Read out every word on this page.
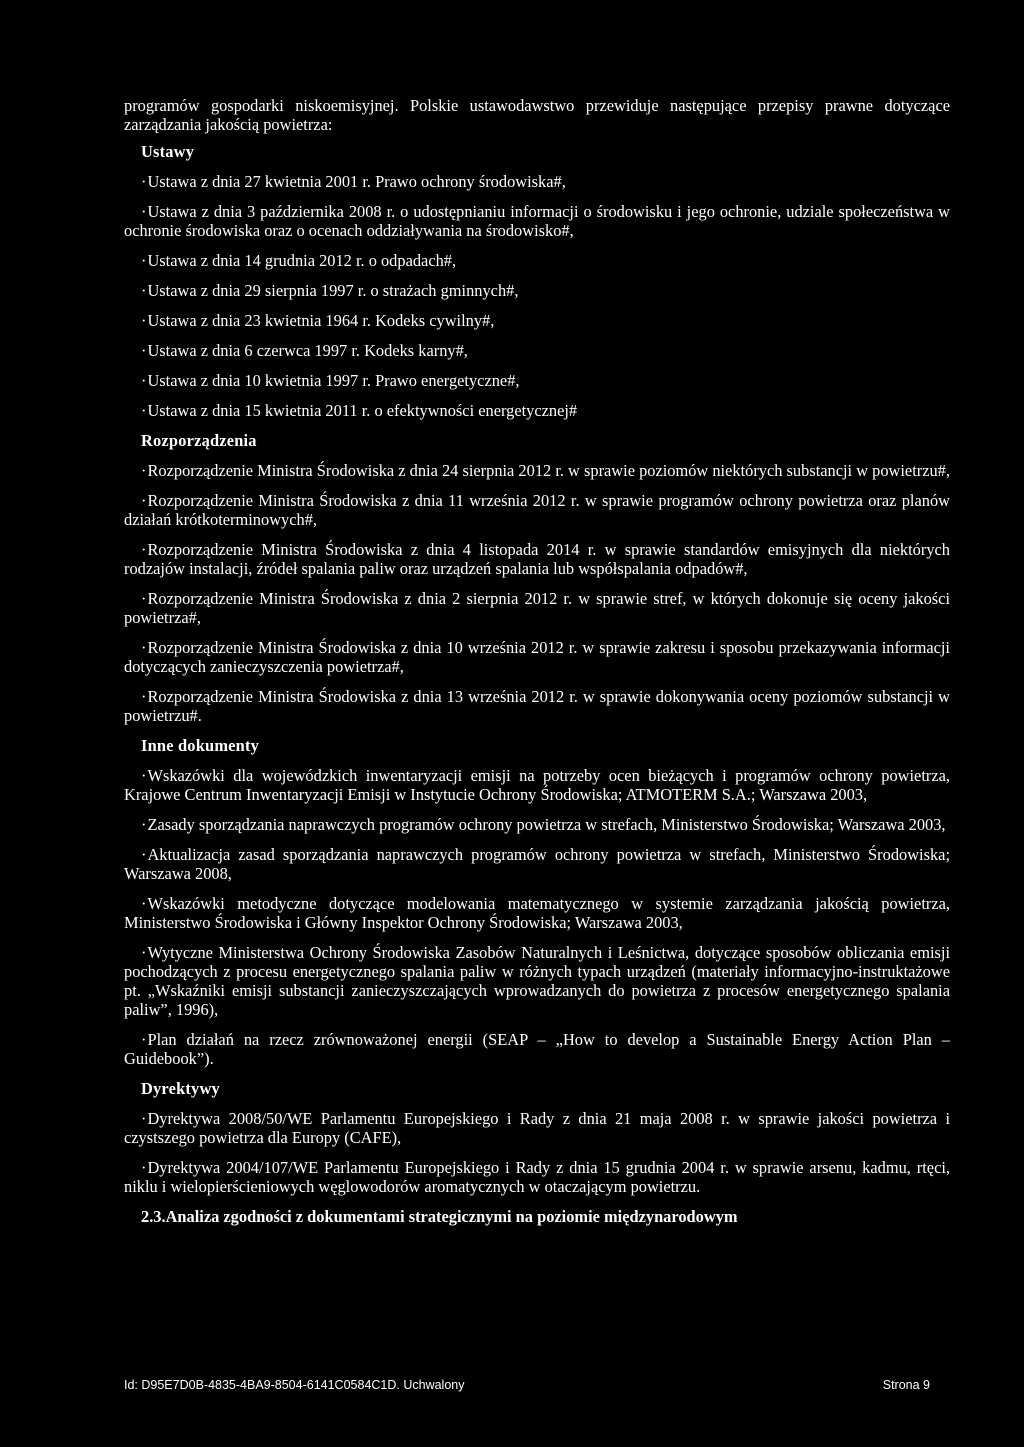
programów gospodarki niskoemisyjnej. Polskie ustawodawstwo przewiduje następujące przepisy prawne dotyczące zarządzania jakością powietrza:

Ustawy

· Ustawa z dnia 27 kwietnia 2001 r. Prawo ochrony środowiska#,

· Ustawa z dnia 3 października 2008 r. o udostępnianiu informacji o środowisku i jego ochronie, udziale społeczeństwa w ochronie środowiska oraz o ocenach oddziaływania na środowisko#,

· Ustawa z dnia 14 grudnia 2012 r. o odpadach#,

· Ustawa z dnia 29 sierpnia 1997 r. o strażach gminnych#,

· Ustawa z dnia 23 kwietnia 1964 r. Kodeks cywilny#,

· Ustawa z dnia 6 czerwca 1997 r. Kodeks karny#,

· Ustawa z dnia 10 kwietnia 1997 r. Prawo energetyczne#,

· Ustawa z dnia 15 kwietnia 2011 r. o efektywności energetycznej#

Rozporządzenia

· Rozporządzenie Ministra Środowiska z dnia 24 sierpnia 2012 r. w sprawie poziomów niektórych substancji w powietrzu#,

· Rozporządzenie Ministra Środowiska z dnia 11 września 2012 r. w sprawie programów ochrony powietrza oraz planów działań krótkoterminowych#,

· Rozporządzenie Ministra Środowiska z dnia 4 listopada 2014 r. w sprawie standardów emisyjnych dla niektórych rodzajów instalacji, źródeł spalania paliw oraz urządzeń spalania lub współspalania odpadów#,

· Rozporządzenie Ministra Środowiska z dnia 2 sierpnia 2012 r. w sprawie stref, w których dokonuje się oceny jakości powietrza#,

· Rozporządzenie Ministra Środowiska z dnia 10 września 2012 r. w sprawie zakresu i sposobu przekazywania informacji dotyczących zanieczyszczenia powietrza#,

· Rozporządzenie Ministra Środowiska z dnia 13 września 2012 r. w sprawie dokonywania oceny poziomów substancji w powietrzu#.

Inne dokumenty

· Wskazówki dla wojewódzkich inwentaryzacji emisji na potrzeby ocen bieżących i programów ochrony powietrza, Krajowe Centrum Inwentaryzacji Emisji w Instytucie Ochrony Środowiska; ATMOTERM S.A.; Warszawa 2003,

· Zasady sporządzania naprawczych programów ochrony powietrza w strefach, Ministerstwo Środowiska; Warszawa 2003,

· Aktualizacja zasad sporządzania naprawczych programów ochrony powietrza w strefach, Ministerstwo Środowiska; Warszawa 2008,

· Wskazówki metodyczne dotyczące modelowania matematycznego w systemie zarządzania jakością powietrza, Ministerstwo Środowiska i Główny Inspektor Ochrony Środowiska; Warszawa 2003,

· Wytyczne Ministerstwa Ochrony Środowiska Zasobów Naturalnych i Leśnictwa, dotyczące sposobów obliczania emisji pochodzących z procesu energetycznego spalania paliw w różnych typach urządzeń (materiały informacyjno-instruktażowe pt. „Wskaźniki emisji substancji zanieczyszczających wprowadzanych do powietrza z procesów energetycznego spalania paliw”, 1996),

· Plan działań na rzecz zrównoważonej energii (SEAP – „How to develop a Sustainable Energy Action Plan – Guidebook”).

Dyrektywy

· Dyrektywa 2008/50/WE Parlamentu Europejskiego i Rady z dnia 21 maja 2008 r. w sprawie jakości powietrza i czystszego powietrza dla Europy (CAFE),

· Dyrektywa 2004/107/WE Parlamentu Europejskiego i Rady z dnia 15 grudnia 2004 r. w sprawie arsenu, kadmu, rtęci, niklu i wielopierścieniowych węglowodorów aromatycznych w otaczającym powietrzu.

2.3.Analiza zgodności z dokumentami strategicznymi na poziomie międzynarodowym

Id: D95E7D0B-4835-4BA9-8504-6141C0584C1D. Uchwalony	Strona 9
